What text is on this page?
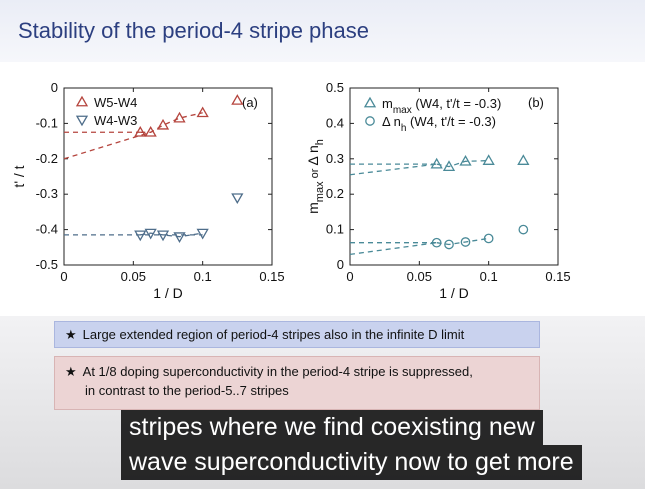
Stability of the period-4 stripe phase
0	0.05	0.1	0.15
0
-0.1
-0.2
-0.3
-0.4
-0.5
1 / D
t' / t
(a)
W5-W4
W4-W3
0	0.05	0.1	0.15
0
0.1
0.2
0.3
0.4
0.5
1 / D
$m_{max}$ $^{or}$ Δ $n_h$
(b)
$m_{max}$ (W4, t'/t = -0.3)
Δ $n_h$ (W4, t'/t = -0.3)
★ Large extended region of period-4 stripes also in the infinite D limit
★ At 1/8 doping superconductivity in the period-4 stripe is suppressed,
in contrast to the period-5..7 stripes
stripes where we find coexisting new
wave superconductivity now to get more
